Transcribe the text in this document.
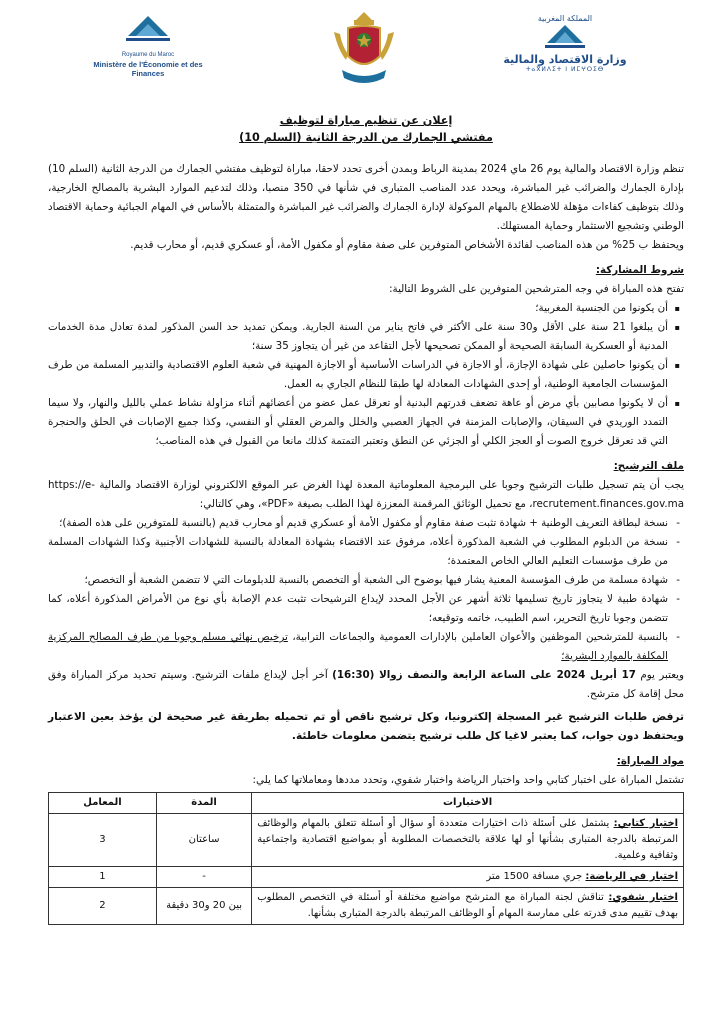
Royaume du Maroc
Ministère de l'Économie et des Finances
المملكة المغربية
وزارة الاقتصاد والمالية
ⵜⴰⴳⵍⴷⵉⵜ ⵏ ⵍⵎⵖⵔⵉⴱ
إعلان عن تنظيم مباراة لتوظيف
مفتشي الجمارك من الدرجة الثانية (السلم 10)

تنظم وزارة الاقتصاد والمالية يوم 26 ماي 2024 بمدينة الرباط وبمدن أخرى تحدد لاحقا، مباراة لتوظيف مفتشي الجمارك من الدرجة الثانية (السلم 10) بإدارة الجمارك والضرائب غير المباشرة، ويحدد عدد المناصب المتبارى في شأنها في 350 منصبا، وذلك لتدعيم الموارد البشرية بالمصالح الخارجية، وذلك بتوظيف كفاءات مؤهلة للاضطلاع بالمهام الموكولة لإدارة الجمارك والضرائب غير المباشرة والمتمثلة بالأساس في المهام الجبائية وحماية الاقتصاد الوطني وتشجيع الاستثمار وحماية المستهلك.

ويحتفظ ب 25% من هذه المناصب لفائدة الأشخاص المتوفرين على صفة مقاوم أو مكفول الأمة، أو عسكري قديم، أو محارب قديم.

شروط المشاركة:

تفتح هذه المباراة في وجه المترشحين المتوفرين على الشروط التالية:

▪ أن يكونوا من الجنسية المغربية؛
▪ أن يبلغوا 21 سنة على الأقل و30 سنة على الأكثر في فاتح يناير من السنة الجارية. ويمكن تمديد حد السن المذكور لمدة تعادل مدة الخدمات المدنية أو العسكرية السابقة الصحيحة أو الممكن تصحيحها لأجل التقاعد من غير أن يتجاوز 35 سنة؛
▪ أن يكونوا حاصلين على شهادة الإجازة، أو الاجازة في الدراسات الأساسية أو الاجازة المهنية في شعبة العلوم الاقتصادية والتدبير المسلمة من طرف المؤسسات الجامعية الوطنية، أو إحدى الشهادات المعادلة لها طبقا للنظام الجاري به العمل.
▪ أن لا يكونوا مصابين بأي مرض أو عاهة تضعف قدرتهم البدنية أو تعرقل عمل عضو من أعضائهم أثناء مزاولة نشاط عملي بالليل والنهار، ولا سيما التمدد الوريدي في السيقان، والإصابات المزمنة في الجهاز العصبي والخلل والمرض العقلي أو النفسي، وكذا جميع الإصابات في الحلق والحنجرة التي قد تعرقل خروج الصوت أو العجز الكلي أو الجزئي عن النطق وتعتبر التمتمة كذلك مانعا من القبول في هذه المناصب؛
ملف الترشيح:

يجب أن يتم تسجيل طلبات الترشيح وجوبا على البرمجية المعلوماتية المعدة لهذا الغرض عبر الموقع الالكتروني لوزارة الاقتصاد والمالية https://e-recrutement.finances.gov.ma، مع تحميل الوثائق المرقمنة المعززة لهذا الطلب بصيغة «PDF»، وهي كالتالي:

- نسخة لبطاقة التعريف الوطنية + شهادة تثبت صفة مقاوم أو مكفول الأمة أو عسكري قديم أو محارب قديم (بالنسبة للمتوفرين على هذه الصفة)؛
- نسخة من الدبلوم المطلوب في الشعبة المذكورة أعلاه، مرفوق عند الاقتضاء بشهادة المعادلة بالنسبة للشهادات الأجنبية وكذا الشهادات المسلمة من طرف مؤسسات التعليم العالي الخاص المعتمدة؛
- شهادة مسلمة من طرف المؤسسة المعنية يشار فيها بوضوح الى الشعبة أو التخصص بالنسبة للدبلومات التي لا تتضمن الشعبة أو التخصص؛
- شهادة طبية لا يتجاوز تاريخ تسليمها ثلاثة أشهر عن الأجل المحدد لإيداع الترشيحات تثبت عدم الإصابة بأي نوع من الأمراض المذكورة أعلاه، كما تتضمن وجوبا تاريخ التحرير، اسم الطبيب، خاتمه وتوقيعه؛
- بالنسبة للمترشحين الموظفين والأعوان العاملين بالإدارات العمومية والجماعات الترابية، ترخيص نهائي مسلم وجوبا من طرف المصالح المركزية المكلفة بالموارد البشرية؛

ويعتبر يوم 17 أبريل 2024 على الساعة الرابعة والنصف زوالا (16:30) آخر أجل لإيداع ملفات الترشيح. وسيتم تحديد مركز المباراة وفق محل إقامة كل مترشح.

ترفض طلبات الترشيح غير المسجلة إلكترونيا، وكل ترشيح ناقص أو تم تحميله بطريقة غير صحيحة لن يؤخذ بعين الاعتبار ويحتفظ دون جواب، كما يعتبر لاغيا كل طلب ترشيح يتضمن معلومات خاطئة.

مواد المباراة:

تشتمل المباراة على اختبار كتابي واحد واختبار الرياضة واختبار شفوي، وتحدد مددها ومعاملاتها كما يلي:

الاختبارات	المدة	المعامل
اختبار كتابي: يشتمل على أسئلة ذات اختيارات متعددة أو سؤال أو أسئلة تتعلق بالمهام والوظائف المرتبطة بالدرجة المتبارى بشأنها أو لها علاقة بالتخصصات المطلوبة أو بمواضيع اقتصادية واجتماعية وثقافية وعلمية.	ساعتان	3
اختبار في الرياضة: جري مسافة 1500 متر	-	1
اختبار شفوي: تناقش لجنة المباراة مع المترشح مواضيع مختلفة أو أسئلة في التخصص المطلوب بهدف تقييم مدى قدرته على ممارسة المهام أو الوظائف المرتبطة بالدرجة المتبارى بشأنها.	بين 20 و30 دقيقة	2
